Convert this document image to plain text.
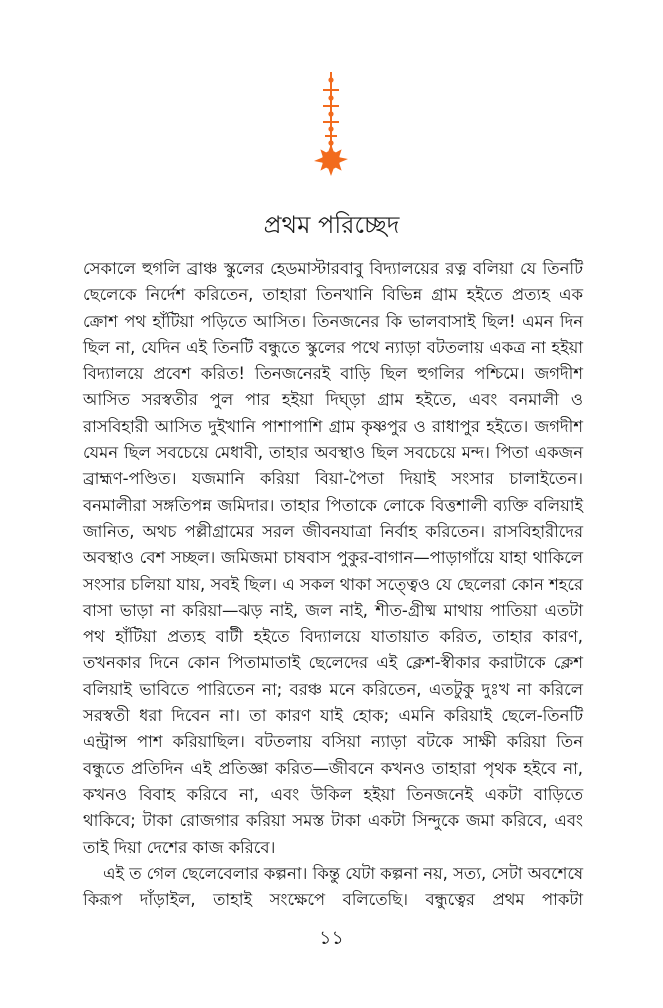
প্রথম পরিচ্ছেদ

সেকালে হুগলি ব্রাঞ্চ স্কুলের হেডমাস্টারবাবু বিদ্যালয়ের রত্ন বলিয়া যে তিনটি ছেলেকে নির্দেশ করিতেন, তাহারা তিনখানি বিভিন্ন গ্রাম হইতে প্রত্যহ এক ক্রোশ পথ হাঁটিয়া পড়িতে আসিত। তিনজনের কি ভালবাসাই ছিল! এমন দিন ছিল না, যেদিন এই তিনটি বন্ধুতে স্কুলের পথে ন্যাড়া বটতলায় একত্র না হইয়া বিদ্যালয়ে প্রবেশ করিত! তিনজনেরই বাড়ি ছিল হুগলির পশ্চিমে। জগদীশ আসিত সরস্বতীর পুল পার হইয়া দিঘ্ড়া গ্রাম হইতে, এবং বনমালী ও রাসবিহারী আসিত দুইখানি পাশাপাশি গ্রাম কৃষ্ণপুর ও রাধাপুর হইতে। জগদীশ যেমন ছিল সবচেয়ে মেধাবী, তাহার অবস্থাও ছিল সবচেয়ে মন্দ। পিতা একজন ব্রাহ্মণ-পণ্ডিত। যজমানি করিয়া বিয়া-পৈতা দিয়াই সংসার চালাইতেন। বনমালীরা সঙ্গতিপন্ন জমিদার। তাহার পিতাকে লোকে বিত্তশালী ব্যক্তি বলিয়াই জানিত, অথচ পল্লীগ্রামের সরল জীবনযাত্রা নির্বাহ করিতেন। রাসবিহারীদের অবস্থাও বেশ সচ্ছল। জমিজমা চাষবাস পুকুর-বাগান—পাড়াগাঁয়ে যাহা থাকিলে সংসার চলিয়া যায়, সবই ছিল। এ সকল থাকা সত্ত্বেও যে ছেলেরা কোন শহরে বাসা ভাড়া না করিয়া—ঝড় নাই, জল নাই, শীত-গ্রীষ্ম মাথায় পাতিয়া এতটা পথ হাঁটিয়া প্রত্যহ বাটী হইতে বিদ্যালয়ে যাতায়াত করিত, তাহার কারণ, তখনকার দিনে কোন পিতামাতাই ছেলেদের এই ক্লেশ-স্বীকার করাটাকে ক্লেশ বলিয়াই ভাবিতে পারিতেন না; বরঞ্চ মনে করিতেন, এতটুকু দুঃখ না করিলে সরস্বতী ধরা দিবেন না। তা কারণ যাই হোক; এমনি করিয়াই ছেলে-তিনটি এন্ট্রান্স পাশ করিয়াছিল। বটতলায় বসিয়া ন্যাড়া বটকে সাক্ষী করিয়া তিন বন্ধুতে প্রতিদিন এই প্রতিজ্ঞা করিত—জীবনে কখনও তাহারা পৃথক হইবে না, কখনও বিবাহ করিবে না, এবং উকিল হইয়া তিনজনেই একটা বাড়িতে থাকিবে; টাকা রোজগার করিয়া সমস্ত টাকা একটা সিন্দুকে জমা করিবে, এবং তাই দিয়া দেশের কাজ করিবে।

এই ত গেল ছেলেবেলার কল্পনা। কিন্তু যেটা কল্পনা নয়, সত্য, সেটা অবশেষে কিরূপ দাঁড়াইল, তাহাই সংক্ষেপে বলিতেছি। বন্ধুত্বের প্রথম পাকটা

১১
